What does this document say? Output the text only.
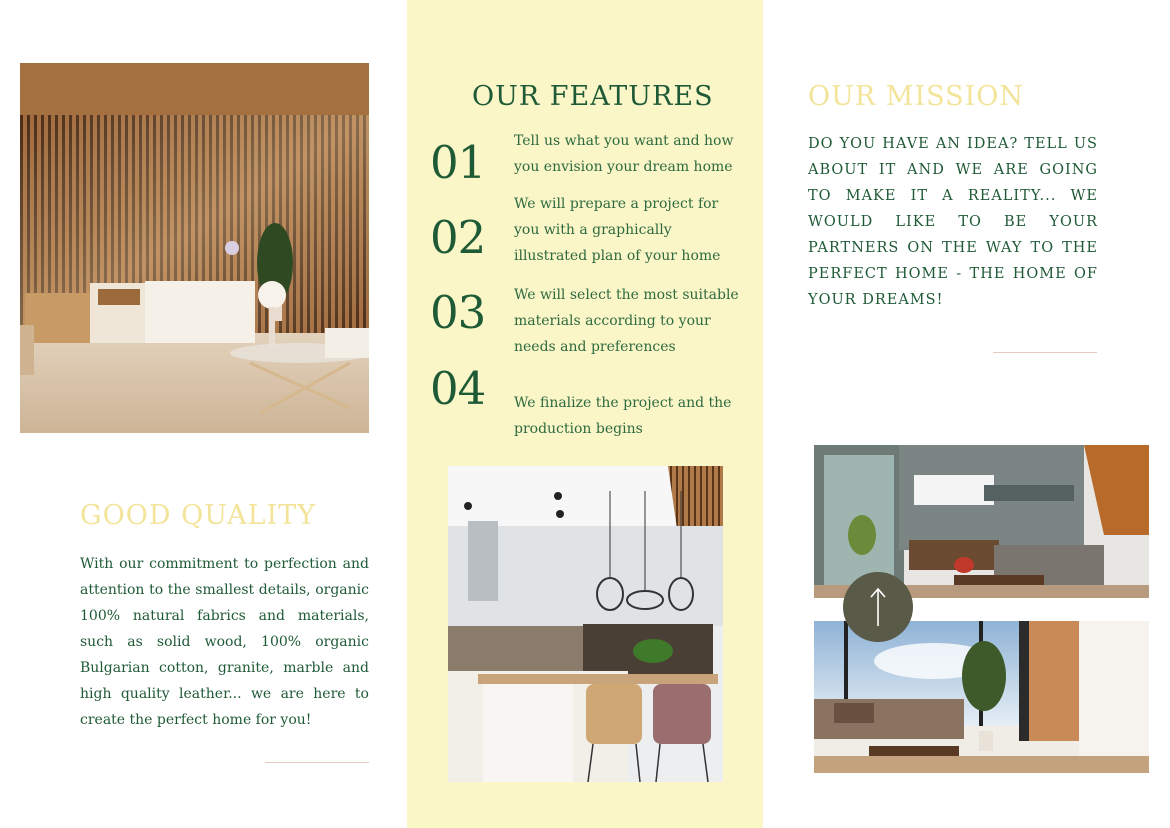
GOOD QUALITY
With our commitment to perfection and attention to the smallest details, organic 100% natural fabrics and materials, such as solid wood, 100% organic Bulgarian cotton, granite, marble and high quality leather... we are here to create the perfect home for you!
OUR FEATURES
01 Tell us what you want and how you envision your dream home
02
We will prepare a project for you with a graphically illustrated plan of your home
03 We will select the most suitable materials according to your needs and preferences
04 We finalize the project and the production begins
OUR MISSION
DO YOU HAVE AN IDEA? TELL US ABOUT IT AND WE ARE GOING TO MAKE IT A REALITY... WE WOULD LIKE TO BE YOUR PARTNERS ON THE WAY TO THE PERFECT HOME - THE HOME OF YOUR DREAMS!
